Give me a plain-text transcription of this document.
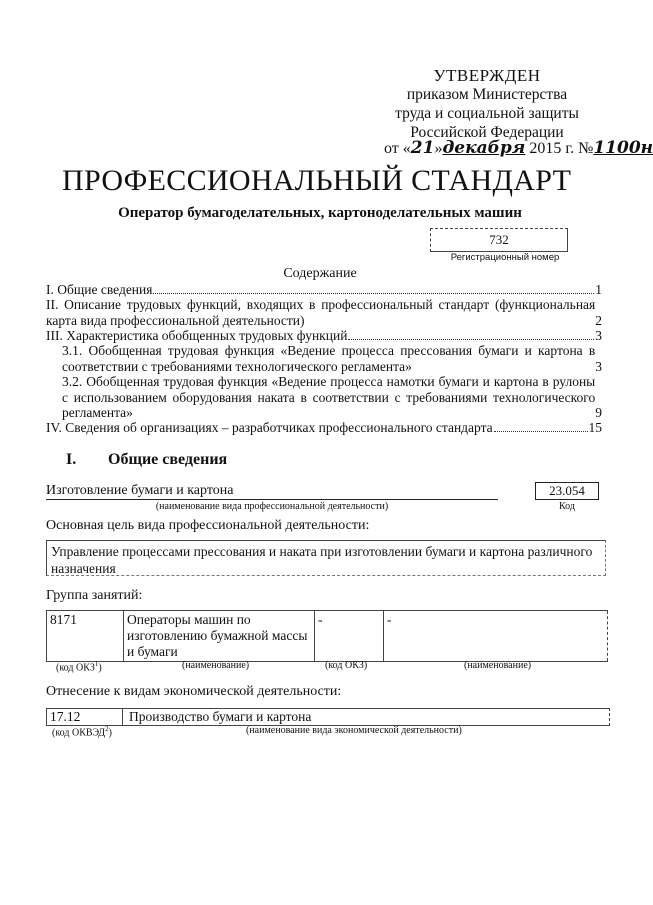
УТВЕРЖДЕН
приказом Министерства
труда и социальной защиты
Российской Федерации
от «21»декабря 2015 г. №1100н
ПРОФЕССИОНАЛЬНЫЙ СТАНДАРТ
Оператор бумагоделательных, картоноделательных машин
732
Регистрационный номер
Содержание
I. Общие сведения	1
II. Описание трудовых функций, входящих в профессиональный стандарт (функциональная карта вида профессиональной деятельности)	2
III. Характеристика обобщенных трудовых функций	3
3.1. Обобщенная трудовая функция «Ведение процесса прессования бумаги и картона в соответствии с требованиями технологического регламента»	3
3.2. Обобщенная трудовая функция «Ведение процесса намотки бумаги и картона в рулоны с использованием оборудования наката в соответствии с требованиями технологического регламента»	9
IV. Сведения об организациях – разработчиках профессионального стандарта	15
I. Общие сведения
Изготовление бумаги и картона
(наименование вида профессиональной деятельности)
23.054
Код
Основная цель вида профессиональной деятельности:
Управление процессами прессования и наката при изготовлении бумаги и картона различного назначения
Группа занятий:
8171	Операторы машин по изготовлению бумажной массы и бумаги	-	-
(код ОКЗ$^1$)	(наименование)	(код ОКЗ)	(наименование)
Отнесение к видам экономической деятельности:
17.12	Производство бумаги и картона
(код ОКВЭД$^2$)	(наименование вида экономической деятельности)
